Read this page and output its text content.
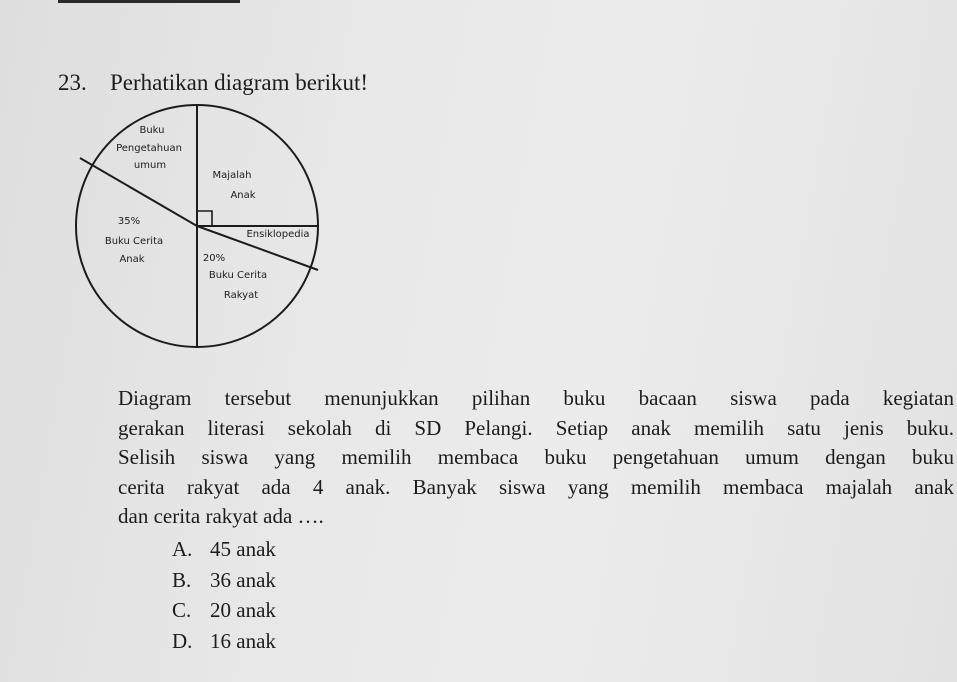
23. Perhatikan diagram berikut!
Buku
Pengetahuan
umum
Majalah
Anak
Ensiklopedia
20%
Buku Cerita
Rakyat
35%
Buku Cerita
Anak
Diagram tersebut menunjukkan pilihan buku bacaan siswa pada kegiatan
gerakan literasi sekolah di SD Pelangi. Setiap anak memilih satu jenis buku.
Selisih siswa yang memilih membaca buku pengetahuan umum dengan buku
cerita rakyat ada 4 anak. Banyak siswa yang memilih membaca majalah anak
dan cerita rakyat ada ….
A. 45 anak
B. 36 anak
C. 20 anak
D. 16 anak
